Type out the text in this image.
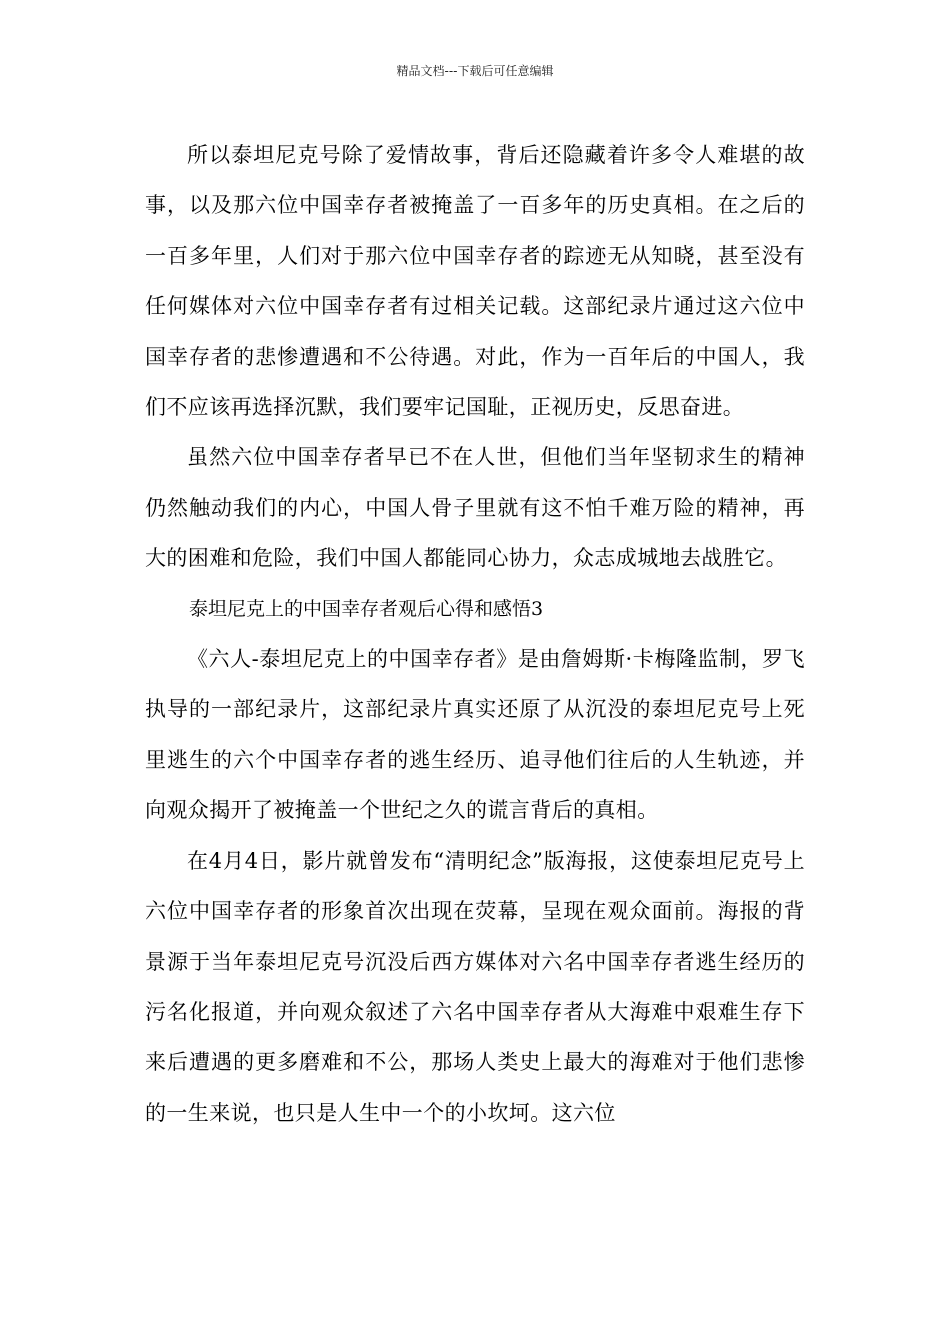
精品文档---下载后可任意编辑

所以泰坦尼克号除了爱情故事，背后还隐藏着许多令人难堪的故事，以及那六位中国幸存者被掩盖了一百多年的历史真相。在之后的一百多年里，人们对于那六位中国幸存者的踪迹无从知晓，甚至没有任何媒体对六位中国幸存者有过相关记载。这部纪录片通过这六位中国幸存者的悲惨遭遇和不公待遇。对此，作为一百年后的中国人，我们不应该再选择沉默，我们要牢记国耻，正视历史，反思奋进。

虽然六位中国幸存者早已不在人世，但他们当年坚韧求生的精神仍然触动我们的内心，中国人骨子里就有这不怕千难万险的精神，再大的困难和危险，我们中国人都能同心协力，众志成城地去战胜它。

泰坦尼克上的中国幸存者观后心得和感悟3

《六人-泰坦尼克上的中国幸存者》是由詹姆斯·卡梅隆监制，罗飞执导的一部纪录片，这部纪录片真实还原了从沉没的泰坦尼克号上死里逃生的六个中国幸存者的逃生经历、追寻他们往后的人生轨迹，并向观众揭开了被掩盖一个世纪之久的谎言背后的真相。

在4月4日，影片就曾发布“清明纪念”版海报，这使泰坦尼克号上六位中国幸存者的形象首次出现在荧幕，呈现在观众面前。海报的背景源于当年泰坦尼克号沉没后西方媒体对六名中国幸存者逃生经历的污名化报道，并向观众叙述了六名中国幸存者从大海难中艰难生存下来后遭遇的更多磨难和不公，那场人类史上最大的海难对于他们悲惨的一生来说，也只是人生中一个的小坎坷。这六位
